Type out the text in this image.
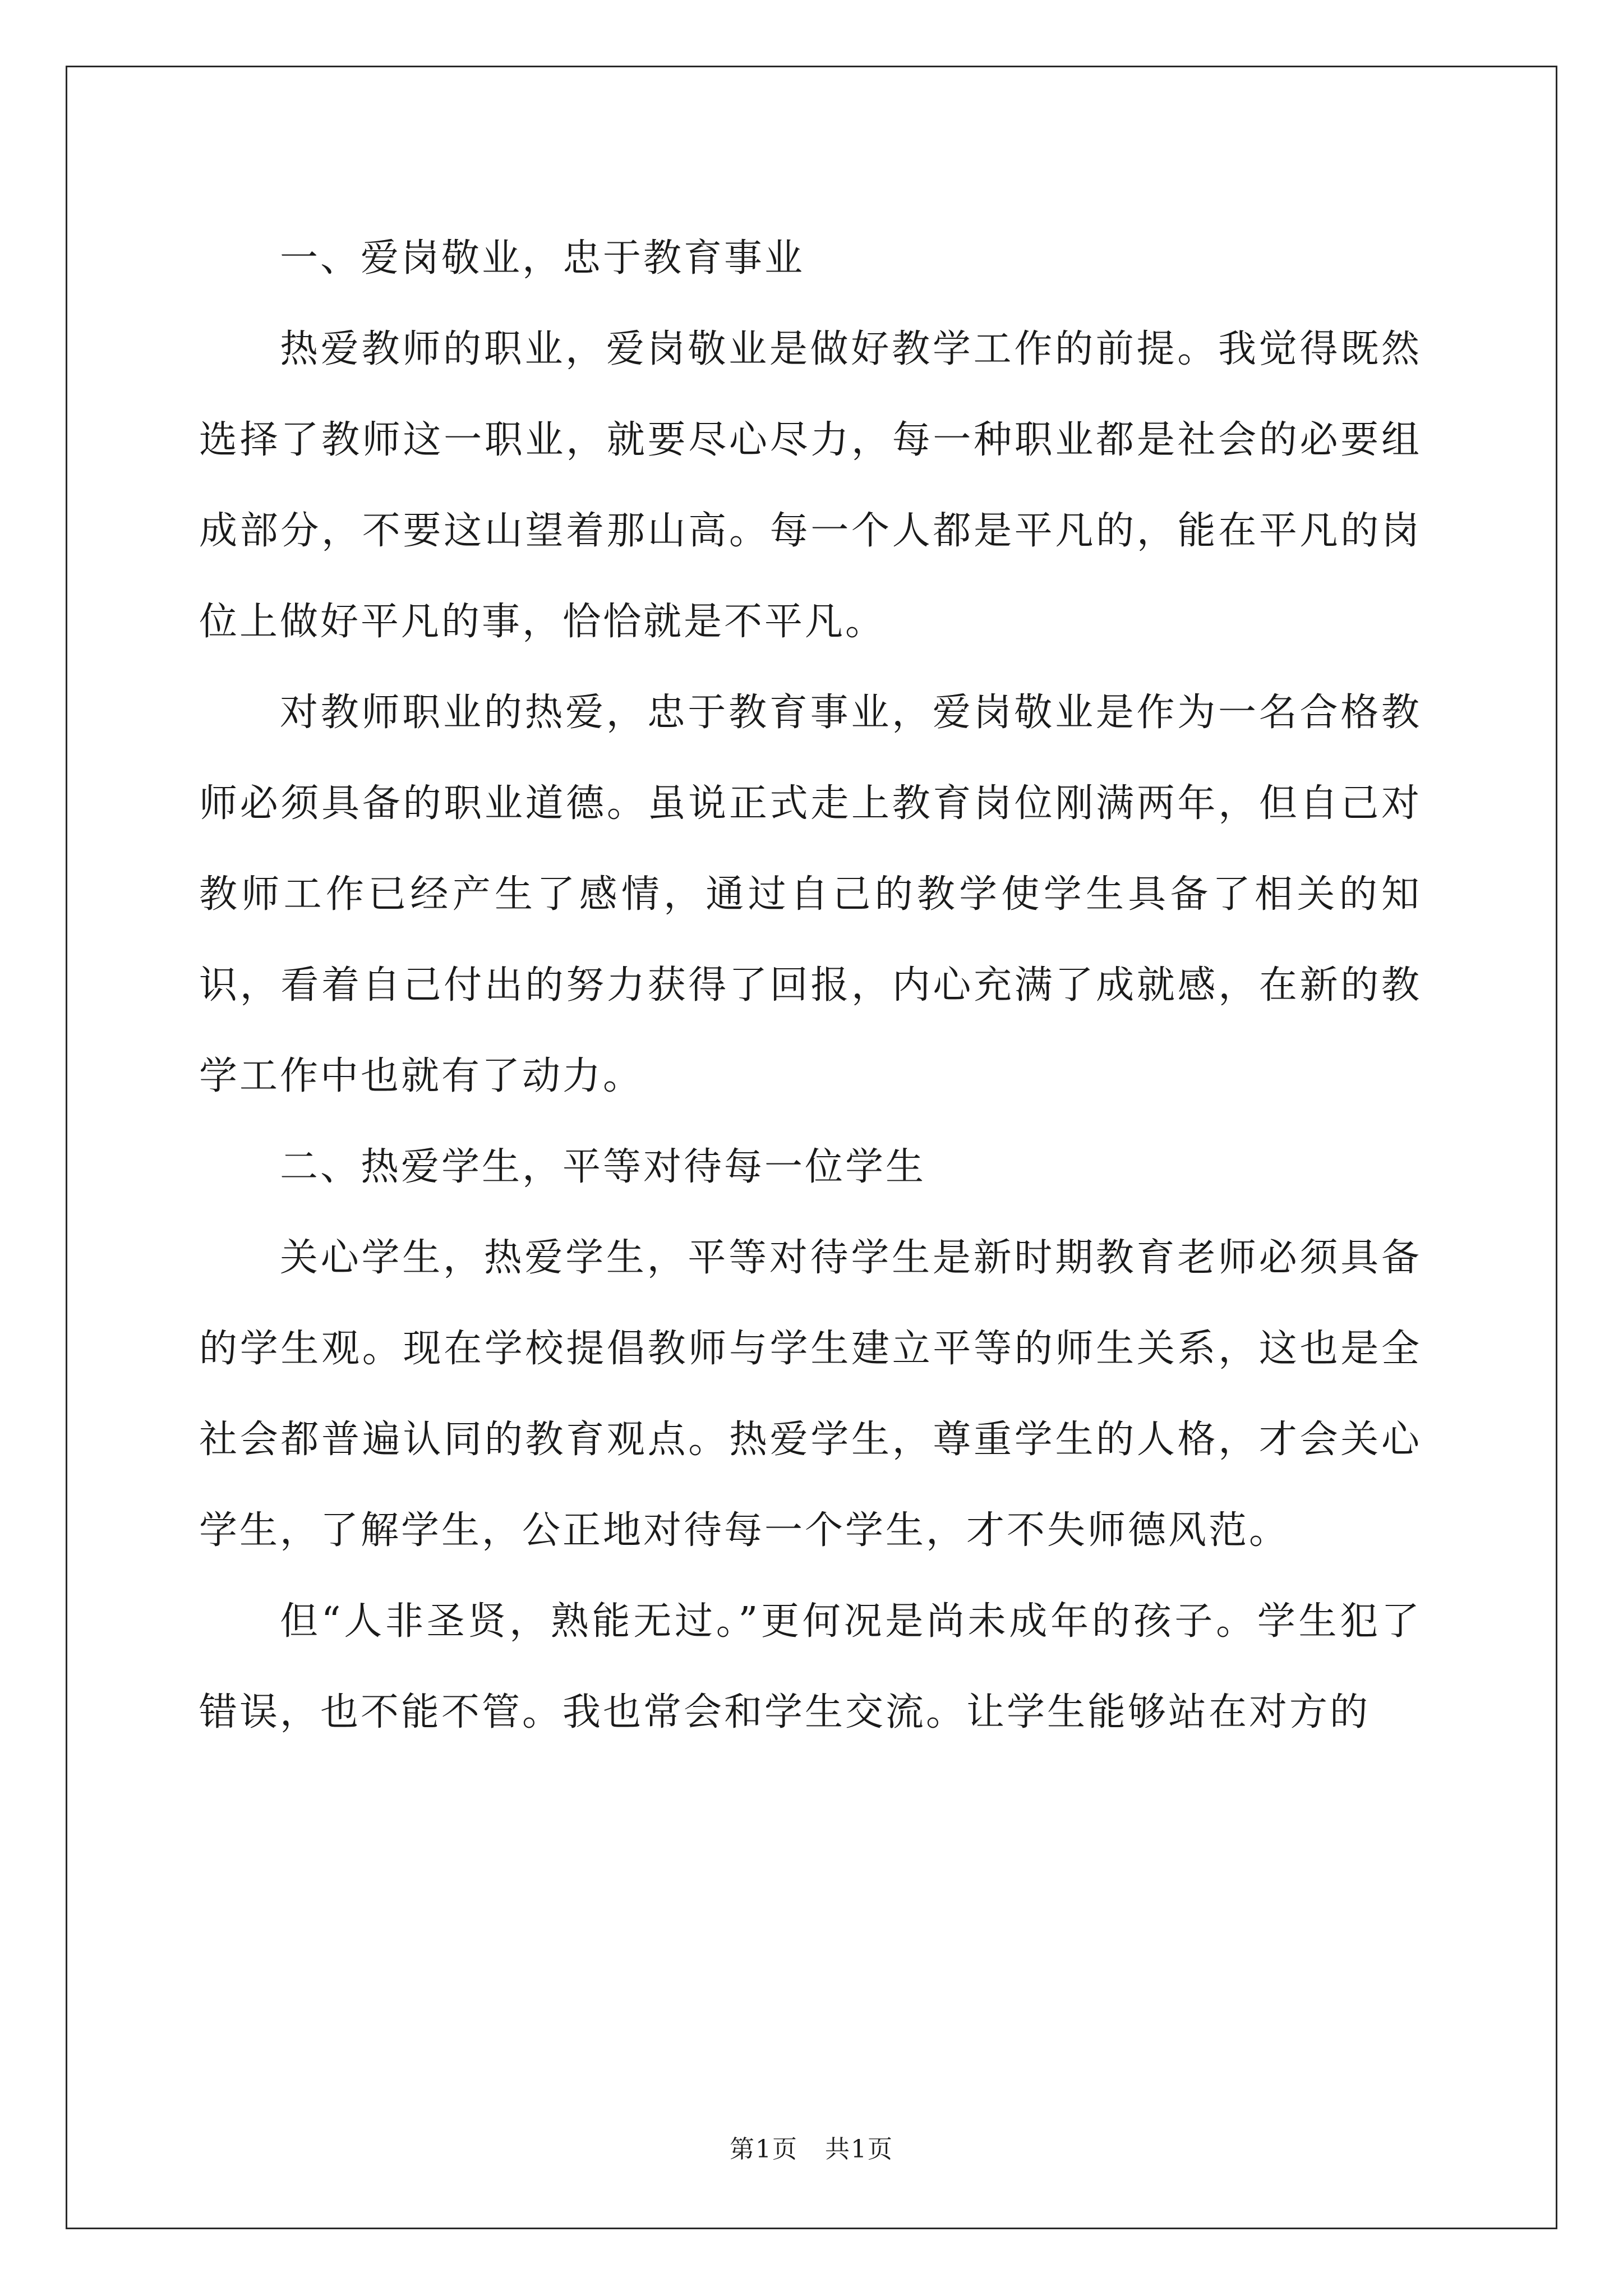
一、爱岗敬业，忠于教育事业

热爱教师的职业，爱岗敬业是做好教学工作的前提。我觉得既然选择了教师这一职业，就要尽心尽力，每一种职业都是社会的必要组成部分，不要这山望着那山高。每一个人都是平凡的，能在平凡的岗位上做好平凡的事，恰恰就是不平凡。

对教师职业的热爱，忠于教育事业，爱岗敬业是作为一名合格教师必须具备的职业道德。虽说正式走上教育岗位刚满两年，但自己对教师工作已经产生了感情，通过自己的教学使学生具备了相关的知识，看着自己付出的努力获得了回报，内心充满了成就感，在新的教学工作中也就有了动力。

二、热爱学生，平等对待每一位学生

关心学生，热爱学生，平等对待学生是新时期教育老师必须具备的学生观。现在学校提倡教师与学生建立平等的师生关系，这也是全社会都普遍认同的教育观点。热爱学生，尊重学生的人格，才会关心学生，了解学生，公正地对待每一个学生，才不失师德风范。

但“人非圣贤，熟能无过。”更何况是尚未成年的孩子。学生犯了错误，也不能不管。我也常会和学生交流。让学生能够站在对方的

第1页 共1页
